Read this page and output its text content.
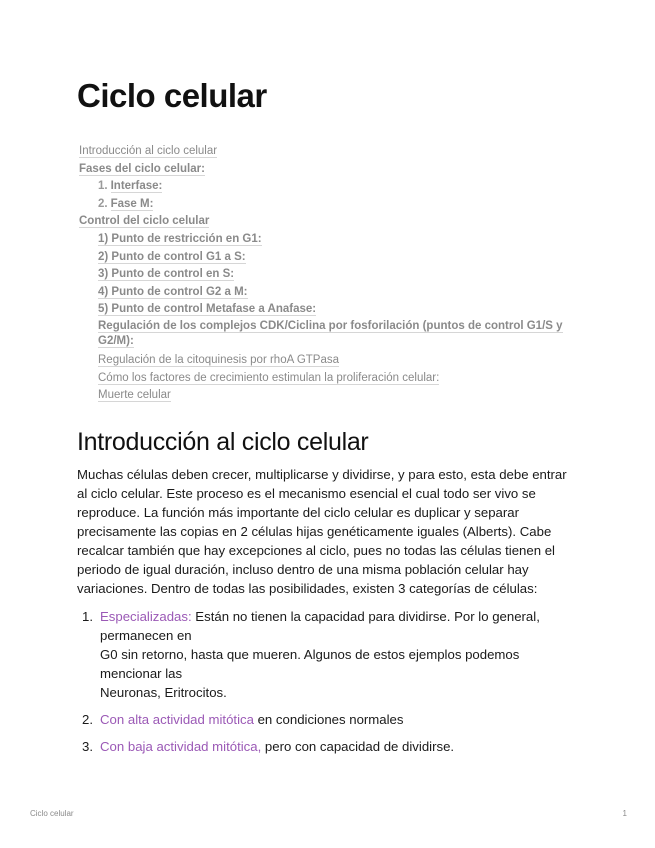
Ciclo celular
Introducción al ciclo celular
Fases del ciclo celular:
1. Interfase:
2. Fase M:
Control del ciclo celular
1) Punto de restricción en G1:
2) Punto de control G1 a S:
3) Punto de control en S:
4) Punto de control G2 a M:
5) Punto de control Metafase a Anafase:
Regulación de los complejos CDK/Ciclina por fosforilación (puntos de control G1/S y G2/M):
Regulación de la citoquinesis por rhoA GTPasa
Cómo los factores de crecimiento estimulan la proliferación celular:
Muerte celular
Introducción al ciclo celular

Muchas células deben crecer, multiplicarse y dividirse, y para esto, esta debe entrar al ciclo celular. Este proceso es el mecanismo esencial el cual todo ser vivo se reproduce. La función más importante del ciclo celular es duplicar y separar precisamente las copias en 2 células hijas genéticamente iguales (Alberts). Cabe recalcar también que hay excepciones al ciclo, pues no todas las células tienen el periodo de igual duración, incluso dentro de una misma población celular hay variaciones. Dentro de todas las posibilidades, existen 3 categorías de células:

1. Especializadas: Están no tienen la capacidad para dividirse. Por lo general, permanecen en
G0 sin retorno, hasta que mueren. Algunos de estos ejemplos podemos mencionar las
Neuronas, Eritrocitos.
2. Con alta actividad mitótica en condiciones normales
3. Con baja actividad mitótica, pero con capacidad de dividirse.
Ciclo celular	1
